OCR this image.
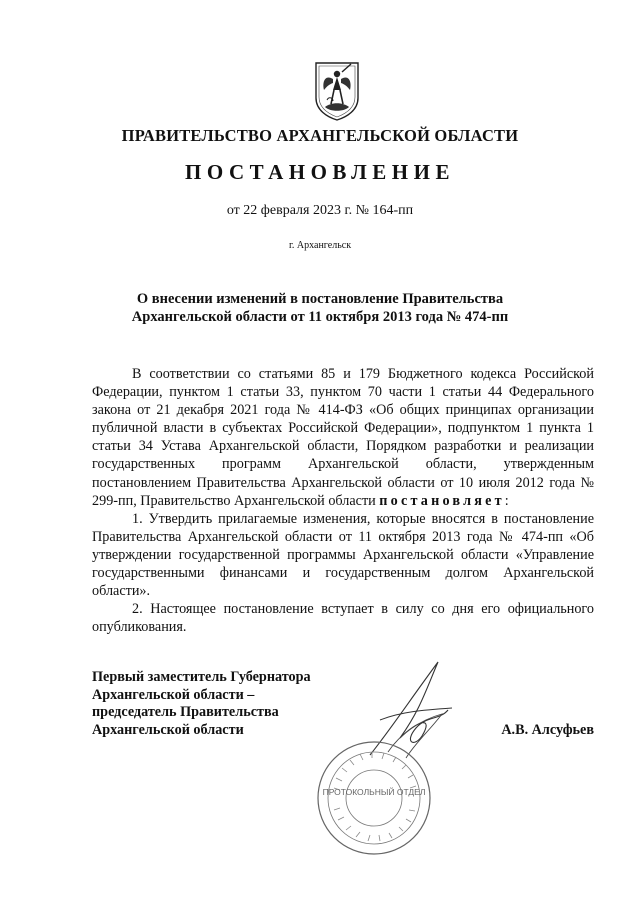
ПРАВИТЕЛЬСТВО АРХАНГЕЛЬСКОЙ ОБЛАСТИ
ПОСТАНОВЛЕНИЕ
от 22 февраля 2023 г. № 164-пп
г. Архангельск
О внесении изменений в постановление Правительства
Архангельской области от 11 октября 2013 года № 474-пп

В соответствии со статьями 85 и 179 Бюджетного кодекса Российской Федерации, пунктом 1 статьи 33, пунктом 70 части 1 статьи 44 Федерального закона от 21 декабря 2021 года № 414-ФЗ «Об общих принципах организации публичной власти в субъектах Российской Федерации», подпунктом 1 пункта 1 статьи 34 Устава Архангельской области, Порядком разработки и реализации государственных программ Архангельской области, утвержденным постановлением Правительства Архангельской области от 10 июля 2012 года № 299-пп, Правительство Архангельской области постановляет:

1. Утвердить прилагаемые изменения, которые вносятся в постановление Правительства Архангельской области от 11 октября 2013 года № 474-пп «Об утверждении государственной программы Архангельской области «Управление государственными финансами и государственным долгом Архангельской области».

2. Настоящее постановление вступает в силу со дня его официального опубликования.

Первый заместитель Губернатора
Архангельской области –
председатель Правительства
Архангельской области
ПРОТОКОЛЬНЫЙ ОТДЕЛ
А.В. Алсуфьев
